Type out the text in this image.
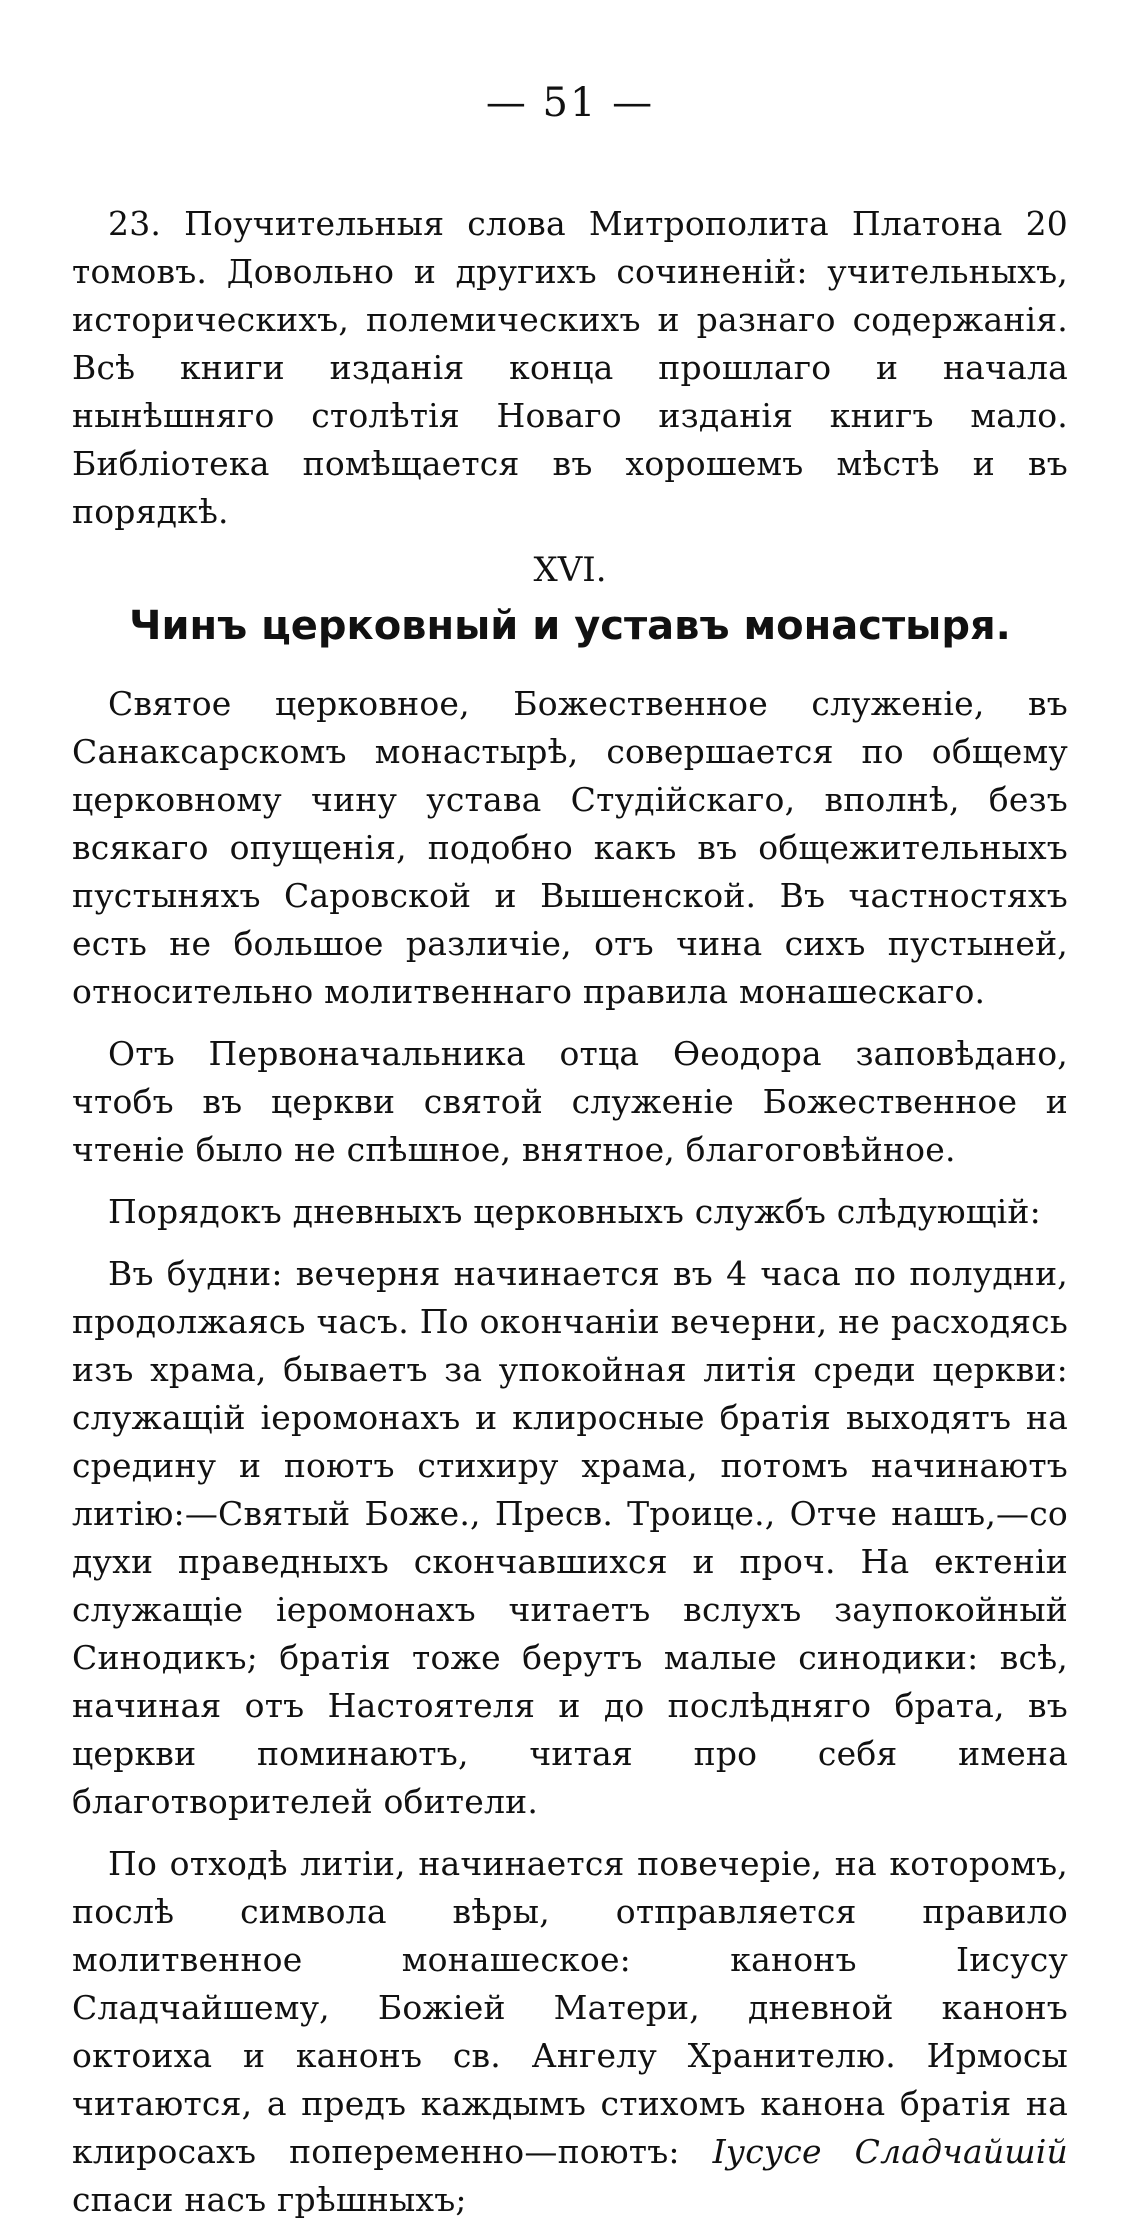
— 51 —

23. Поучительныя слова Митрополита Платона 20 томовъ. Довольно и другихъ сочиненій: учительныхъ, историческихъ, полемическихъ и разнаго содержанія. Всѣ книги изданія конца прошлаго и начала нынѣшняго столѣтія Новаго изданія книгъ мало. Библіотека помѣщается въ хорошемъ мѣстѣ и въ порядкѣ.

XVI.
Чинъ церковный и уставъ монастыря.

Святое церковное, Божественное служеніе, въ Санаксарскомъ монастырѣ, совершается по общему церковному чину устава Студійскаго, вполнѣ, безъ всякаго опущенія, подобно какъ въ общежительныхъ пустыняхъ Саровской и Вышенской. Въ частностяхъ есть не большое различіе, отъ чина сихъ пустыней, относительно молитвеннаго правила монашескаго.

Отъ Первоначальника отца Ѳеодора заповѣдано, чтобъ въ церкви святой служеніе Божественное и чтеніе было не спѣшное, внятное, благоговѣйное.

Порядокъ дневныхъ церковныхъ службъ слѣдующій:

Въ будни: вечерня начинается въ 4 часа по полудни, продолжаясь часъ. По окончаніи вечерни, не расходясь изъ храма, бываетъ за упокойная литія среди церкви: служащій іеромонахъ и клиросные братія выходятъ на средину и поютъ стихиру храма, потомъ начинаютъ литію:—Святый Боже., Пресв. Троице., Отче нашъ,—со духи праведныхъ скончавшихся и проч. На ектеніи служащіе іеромонахъ читаетъ вслухъ заупокойный Синодикъ; братія тоже берутъ малые синодики: всѣ, начиная отъ Настоятеля и до послѣдняго брата, въ церкви поминаютъ, читая про себя имена благотворителей обители.

По отходѣ литіи, начинается повечеріе, на которомъ, послѣ символа вѣры, отправляется правило молитвенное монашеское: канонъ Іисусу Сладчайшему, Божіей Матери, дневной канонъ октоиха и канонъ св. Ангелу Хранителю. Ирмосы читаются, а предъ каждымъ стихомъ канона братія на клиросахъ попеременно—поютъ: Іусусе Сладчайшій спаси насъ грѣшныхъ;
